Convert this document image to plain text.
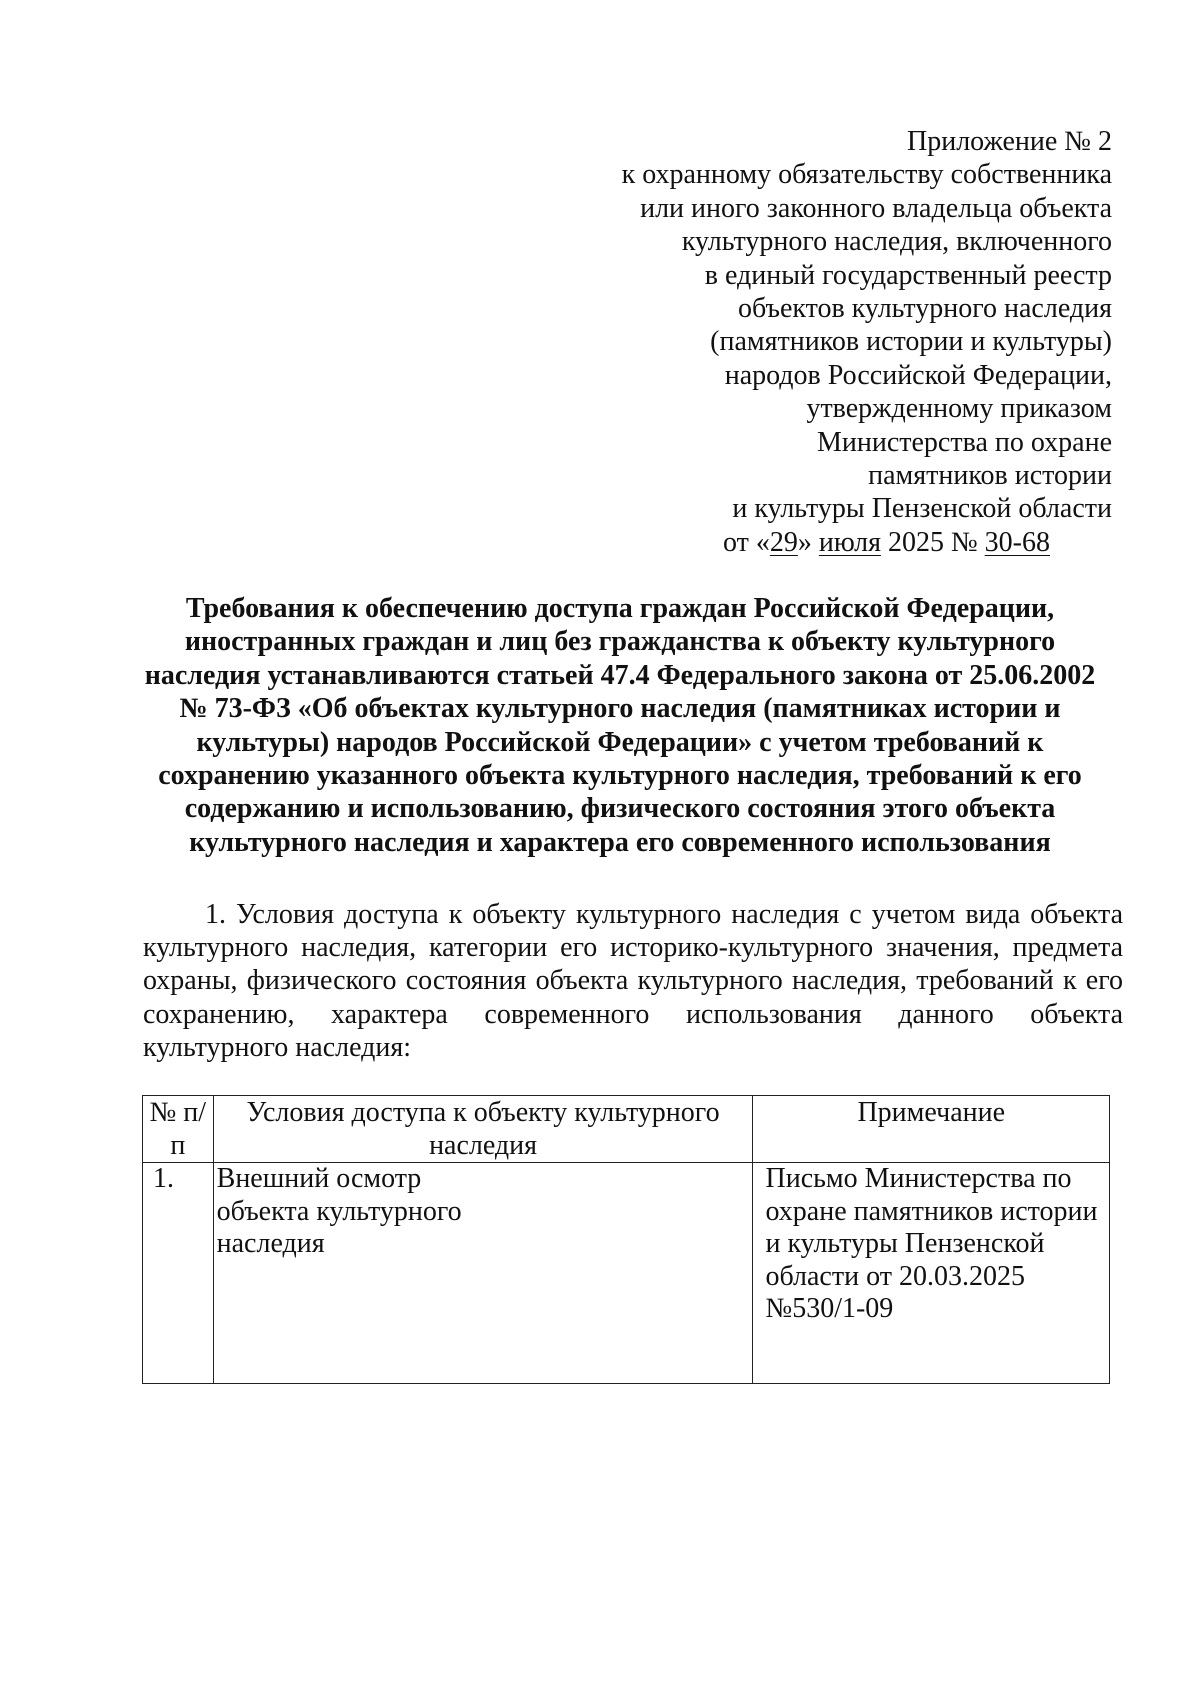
Приложение № 2
к охранному обязательству собственника
или иного законного владельца объекта
культурного наследия, включенного
в единый государственный реестр
объектов культурного наследия
(памятников истории и культуры)
народов Российской Федерации,
утвержденному приказом
Министерства по охране
памятников истории
и культуры Пензенской области
от «29» июля 2025 № 30-68
Требования к обеспечению доступа граждан Российской Федерации,
иностранных граждан и лиц без гражданства к объекту культурного
наследия устанавливаются статьей 47.4 Федерального закона от 25.06.2002
№ 73-ФЗ «Об объектах культурного наследия (памятниках истории и
культуры) народов Российской Федерации» с учетом требований к
сохранению указанного объекта культурного наследия, требований к его
содержанию и использованию, физического состояния этого объекта
культурного наследия и характера его современного использования

1. Условия доступа к объекту культурного наследия с учетом вида объекта культурного наследия, категории его историко-культурного значения, предмета охраны, физического состояния объекта культурного наследия, требований к его сохранению, характера современного использования данного объекта культурного наследия:

№ п/п	Условия доступа к объекту культурного наследия	Примечание
1.	Внешний осмотр объекта культурного наследия	Письмо Министерства по охране памятников истории и культуры Пензенской области от 20.03.2025 №530/1-09
